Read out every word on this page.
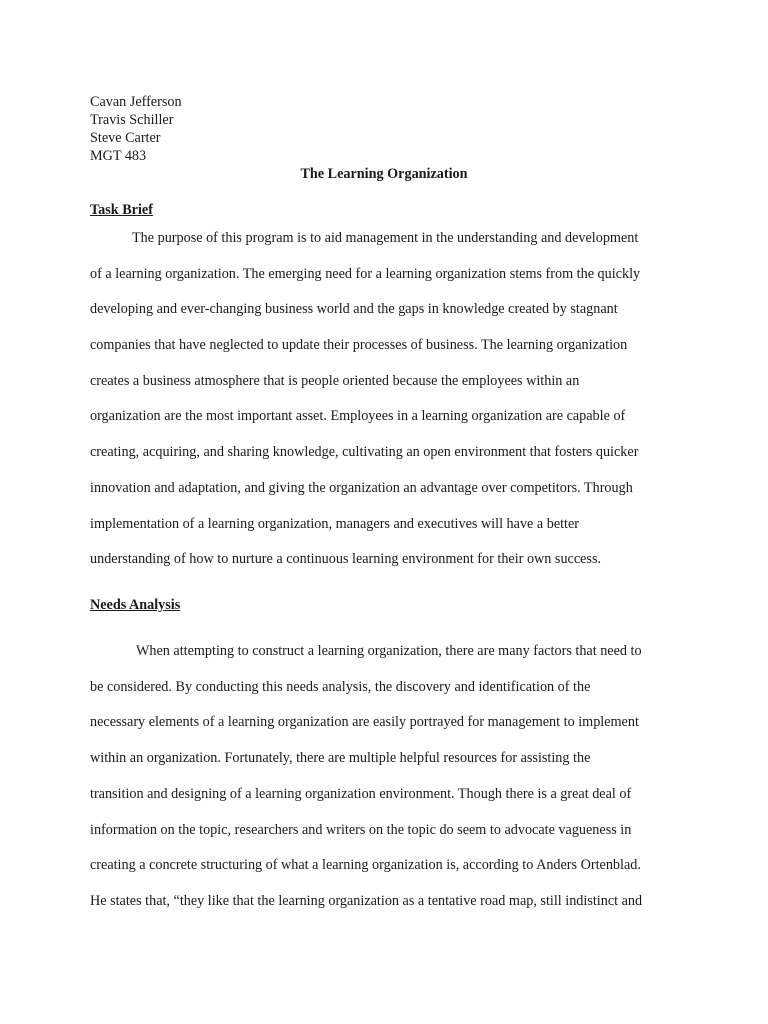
Cavan Jefferson
Travis Schiller
Steve Carter
MGT 483
The Learning Organization
Task Brief
The purpose of this program is to aid management in the understanding and development
of a learning organization. The emerging need for a learning organization stems from the quickly
developing and ever-changing business world and the gaps in knowledge created by stagnant
companies that have neglected to update their processes of business. The learning organization
creates a business atmosphere that is people oriented because the employees within an
organization are the most important asset. Employees in a learning organization are capable of
creating, acquiring, and sharing knowledge, cultivating an open environment that fosters quicker
innovation and adaptation, and giving the organization an advantage over competitors. Through
implementation of a learning organization, managers and executives will have a better
understanding of how to nurture a continuous learning environment for their own success.
Needs Analysis
When attempting to construct a learning organization, there are many factors that need to
be considered. By conducting this needs analysis, the discovery and identification of the
necessary elements of a learning organization are easily portrayed for management to implement
within an organization. Fortunately, there are multiple helpful resources for assisting the
transition and designing of a learning organization environment. Though there is a great deal of
information on the topic, researchers and writers on the topic do seem to advocate vagueness in
creating a concrete structuring of what a learning organization is, according to Anders Ortenblad.
He states that, “they like that the learning organization as a tentative road map, still indistinct and
